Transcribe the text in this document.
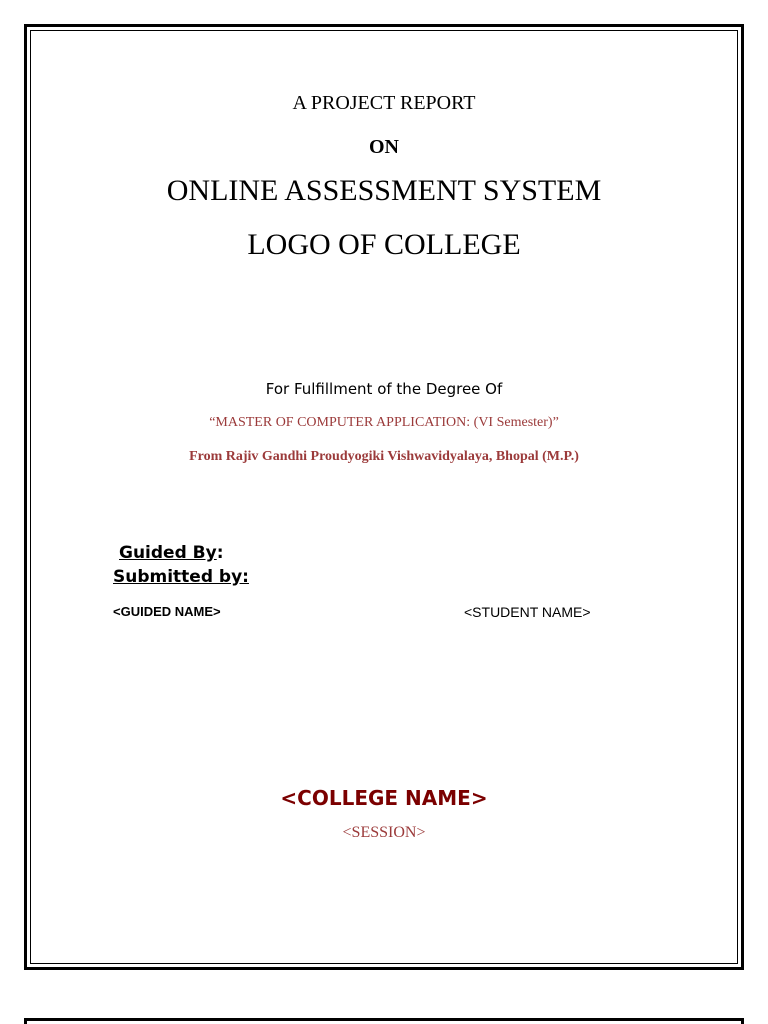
A PROJECT REPORT
ON
ONLINE ASSESSMENT SYSTEM
LOGO OF COLLEGE
For Fulfillment of the Degree Of
“MASTER OF COMPUTER APPLICATION: (VI Semester)”
From Rajiv Gandhi Proudyogiki Vishwavidyalaya, Bhopal (M.P.)
Guided By:
Submitted by:
<GUIDED NAME>	<STUDENT NAME>
<COLLEGE NAME>
<SESSION>
